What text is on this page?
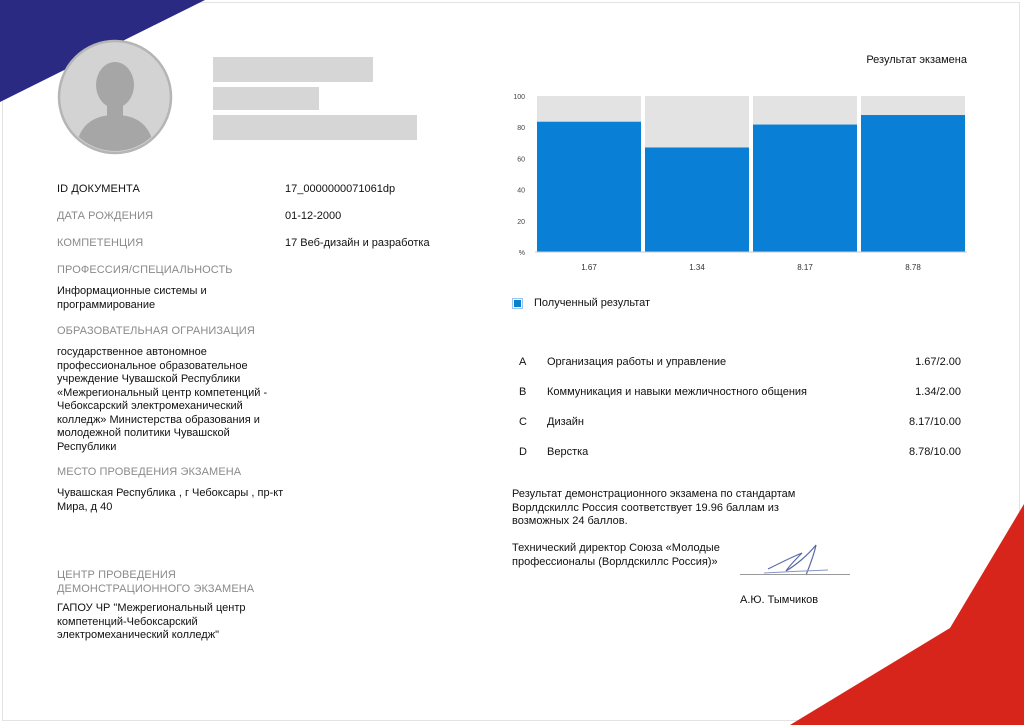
ID ДОКУМЕНТА	17_0000000071061dp
ДАТА РОЖДЕНИЯ	01-12-2000
КОМПЕТЕНЦИЯ	17 Веб-дизайн и разработка
ПРОФЕССИЯ/СПЕЦИАЛЬНОСТЬ
Информационные системы и программирование
ОБРАЗОВАТЕЛЬНАЯ ОГРАНИЗАЦИЯ
государственное автономное профессиональное образовательное учреждение Чувашской Республики «Межрегиональный центр компетенций - Чебоксарский электромеханический колледж» Министерства образования и молодежной политики Чувашской Республики
МЕСТО ПРОВЕДЕНИЯ ЭКЗАМЕНА
Чувашская Республика , г Чебоксары , пр-кт Мира, д 40
ЦЕНТР ПРОВЕДЕНИЯ ДЕМОНСТРАЦИОННОГО ЭКЗАМЕНА
ГАПОУ ЧР "Межрегиональный центр компетенций-Чебоксарский электромеханический колледж"
Результат экзамена
%
20
40
60
80
100
1.67	1.34	8.17	8.78
Полученный результат
A	Организация работы и управление	1.67/2.00
B	Коммуникация и навыки межличностного общения	1.34/2.00
C	Дизайн	8.17/10.00
D	Верстка	8.78/10.00
Результат демонстрационного экзамена по стандартам Ворлдскиллс Россия соответствует 19.96 баллам из возможных 24 баллов.
Технический директор Союза «Молодые профессионалы (Ворлдскиллс Россия)»
А.Ю. Тымчиков
